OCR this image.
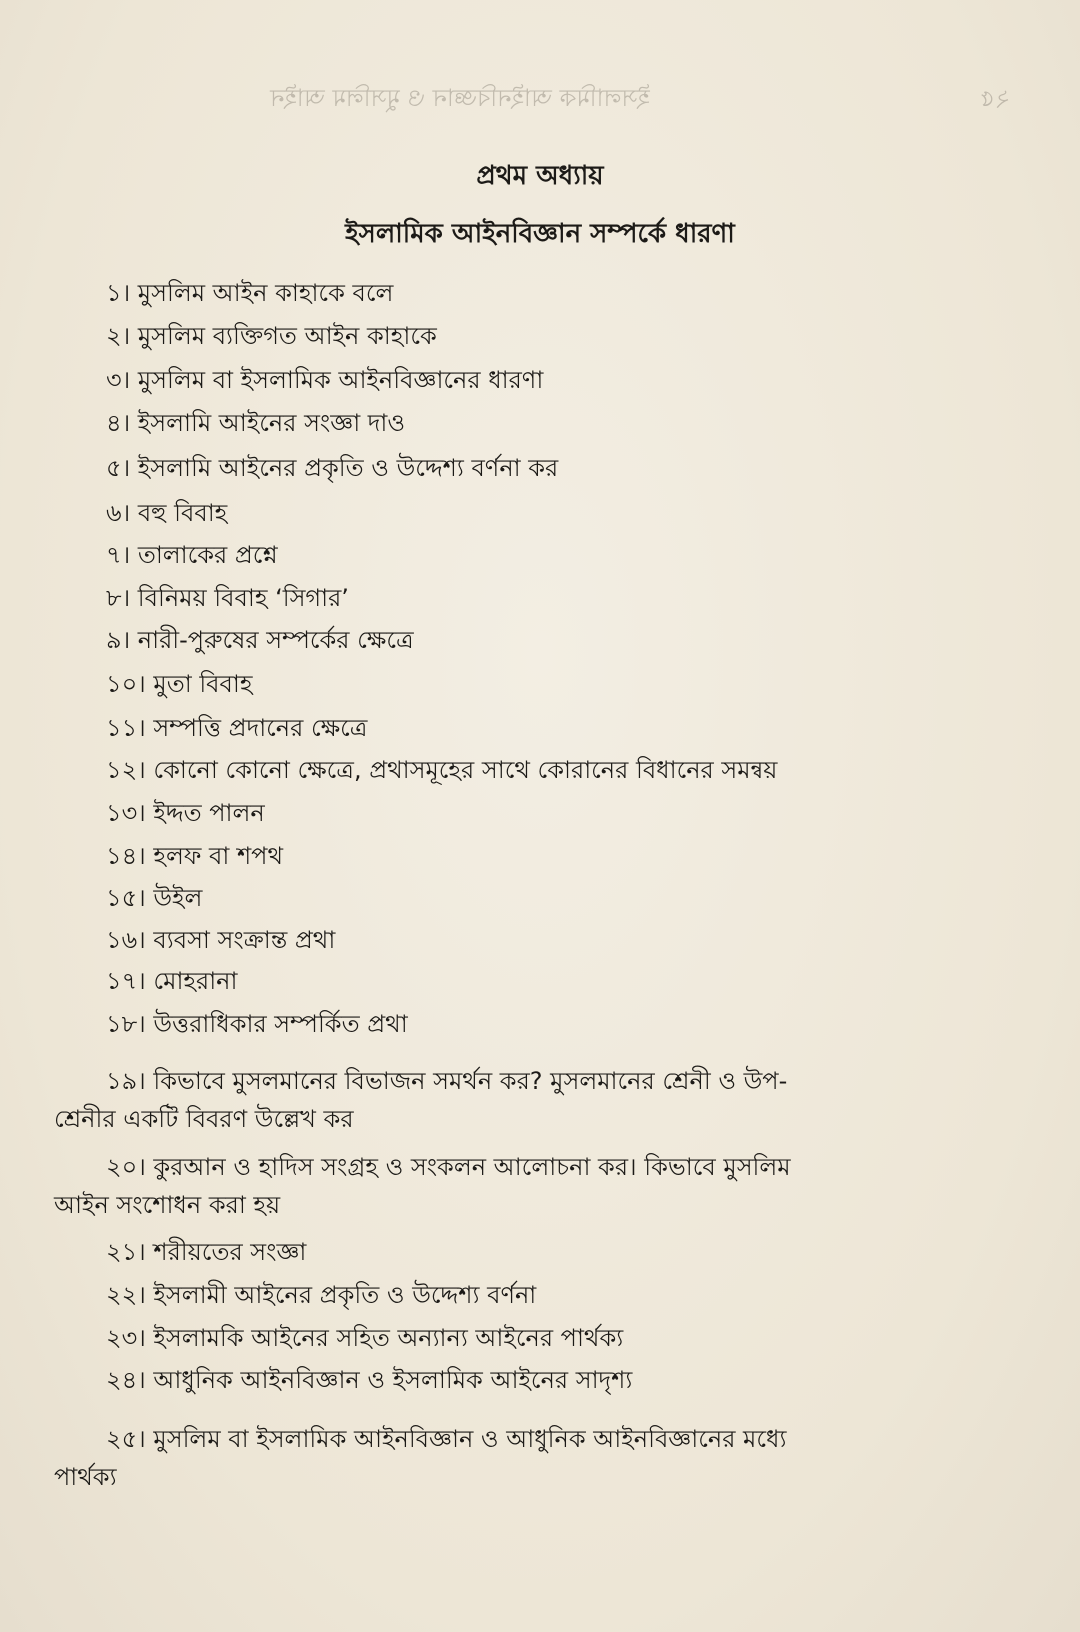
ইসলামিক আইনবিজ্ঞান ও মুসলিম আইন	২৫
প্রথম অধ্যায়
ইসলামিক আইনবিজ্ঞান সম্পর্কে ধারণা
১। মুসলিম আইন কাহাকে বলে
২। মুসলিম ব্যক্তিগত আইন কাহাকে
৩। মুসলিম বা ইসলামিক আইনবিজ্ঞানের ধারণা
৪। ইসলামি আইনের সংজ্ঞা দাও
৫। ইসলামি আইনের প্রকৃতি ও উদ্দেশ্য বর্ণনা কর
৬। বহু বিবাহ
৭। তালাকের প্রশ্নে
৮। বিনিময় বিবাহ ‘সিগার’
৯। নারী-পুরুষের সম্পর্কের ক্ষেত্রে
১০। মুতা বিবাহ
১১। সম্পত্তি প্রদানের ক্ষেত্রে
১২। কোনো কোনো ক্ষেত্রে, প্রথাসমূহের সাথে কোরানের বিধানের সমন্বয়
১৩। ইদ্দত পালন
১৪। হলফ বা শপথ
১৫। উইল
১৬। ব্যবসা সংক্রান্ত প্রথা
১৭। মোহরানা
১৮। উত্তরাধিকার সম্পর্কিত প্রথা
১৯। কিভাবে মুসলমানের বিভাজন সমর্থন কর? মুসলমানের শ্রেনী ও উপ-
শ্রেনীর একটি বিবরণ উল্লেখ কর
২০। কুরআন ও হাদিস সংগ্রহ ও সংকলন আলোচনা কর। কিভাবে মুসলিম
আইন সংশোধন করা হয়
২১। শরীয়তের সংজ্ঞা
২২। ইসলামী আইনের প্রকৃতি ও উদ্দেশ্য বর্ণনা
২৩। ইসলামকি আইনের সহিত অন্যান্য আইনের পার্থক্য
২৪। আধুনিক আইনবিজ্ঞান ও ইসলামিক আইনের সাদৃশ্য
২৫। মুসলিম বা ইসলামিক আইনবিজ্ঞান ও আধুনিক আইনবিজ্ঞানের মধ্যে
পার্থক্য
